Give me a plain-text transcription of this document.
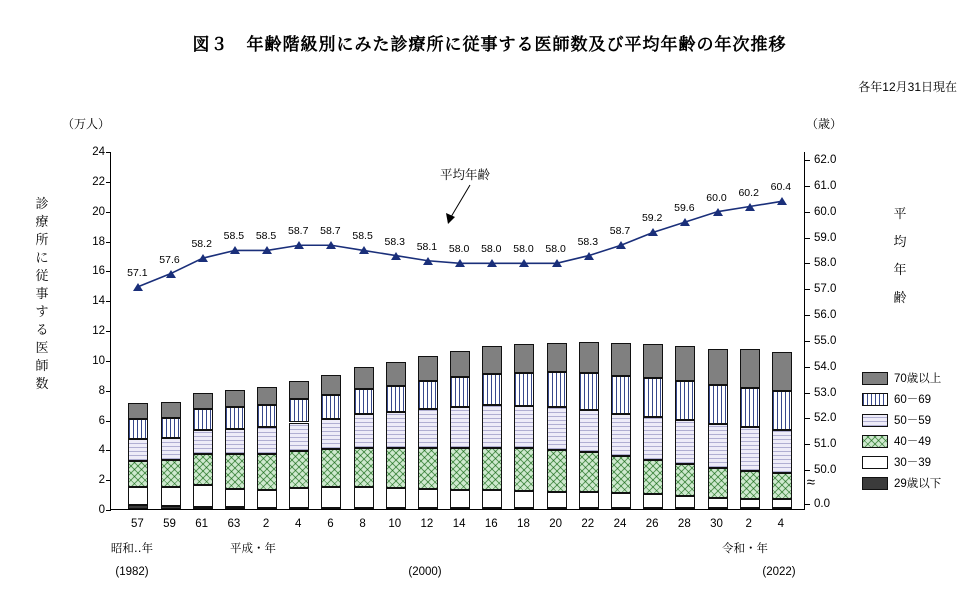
図３　年齢階級別にみた診療所に従事する医師数及び平均年齢の年次推移
各年12月31日現在
（万人）	（歳）
診
療
所
に
従
事
す
る
医
師
数
平
均
年
齢
平均年齢
≈
0
2
4
6
8
10
12
14
16
18
20
22
24
0.0
50.0
51.0
52.0
53.0
54.0
55.0
56.0
57.0
58.0
59.0
60.0
61.0
62.0
70歳以上
60－69
50－59
40－49
30－39
29歳以下
57	59	61	63	2	4	6	8	10	12	14	16	18	20	22	24	26	28	30	2	4
57.1
57.6
58.2
58.5 58.5 58.7 58.7 58.5 58.3 58.1 58.0 58.0 58.0 58.0
58.3
58.7
59.2
59.6
60.0 60.2 60.4
昭和‥年	平成・年	令和・年
(1982)	(2000)	(2022)
